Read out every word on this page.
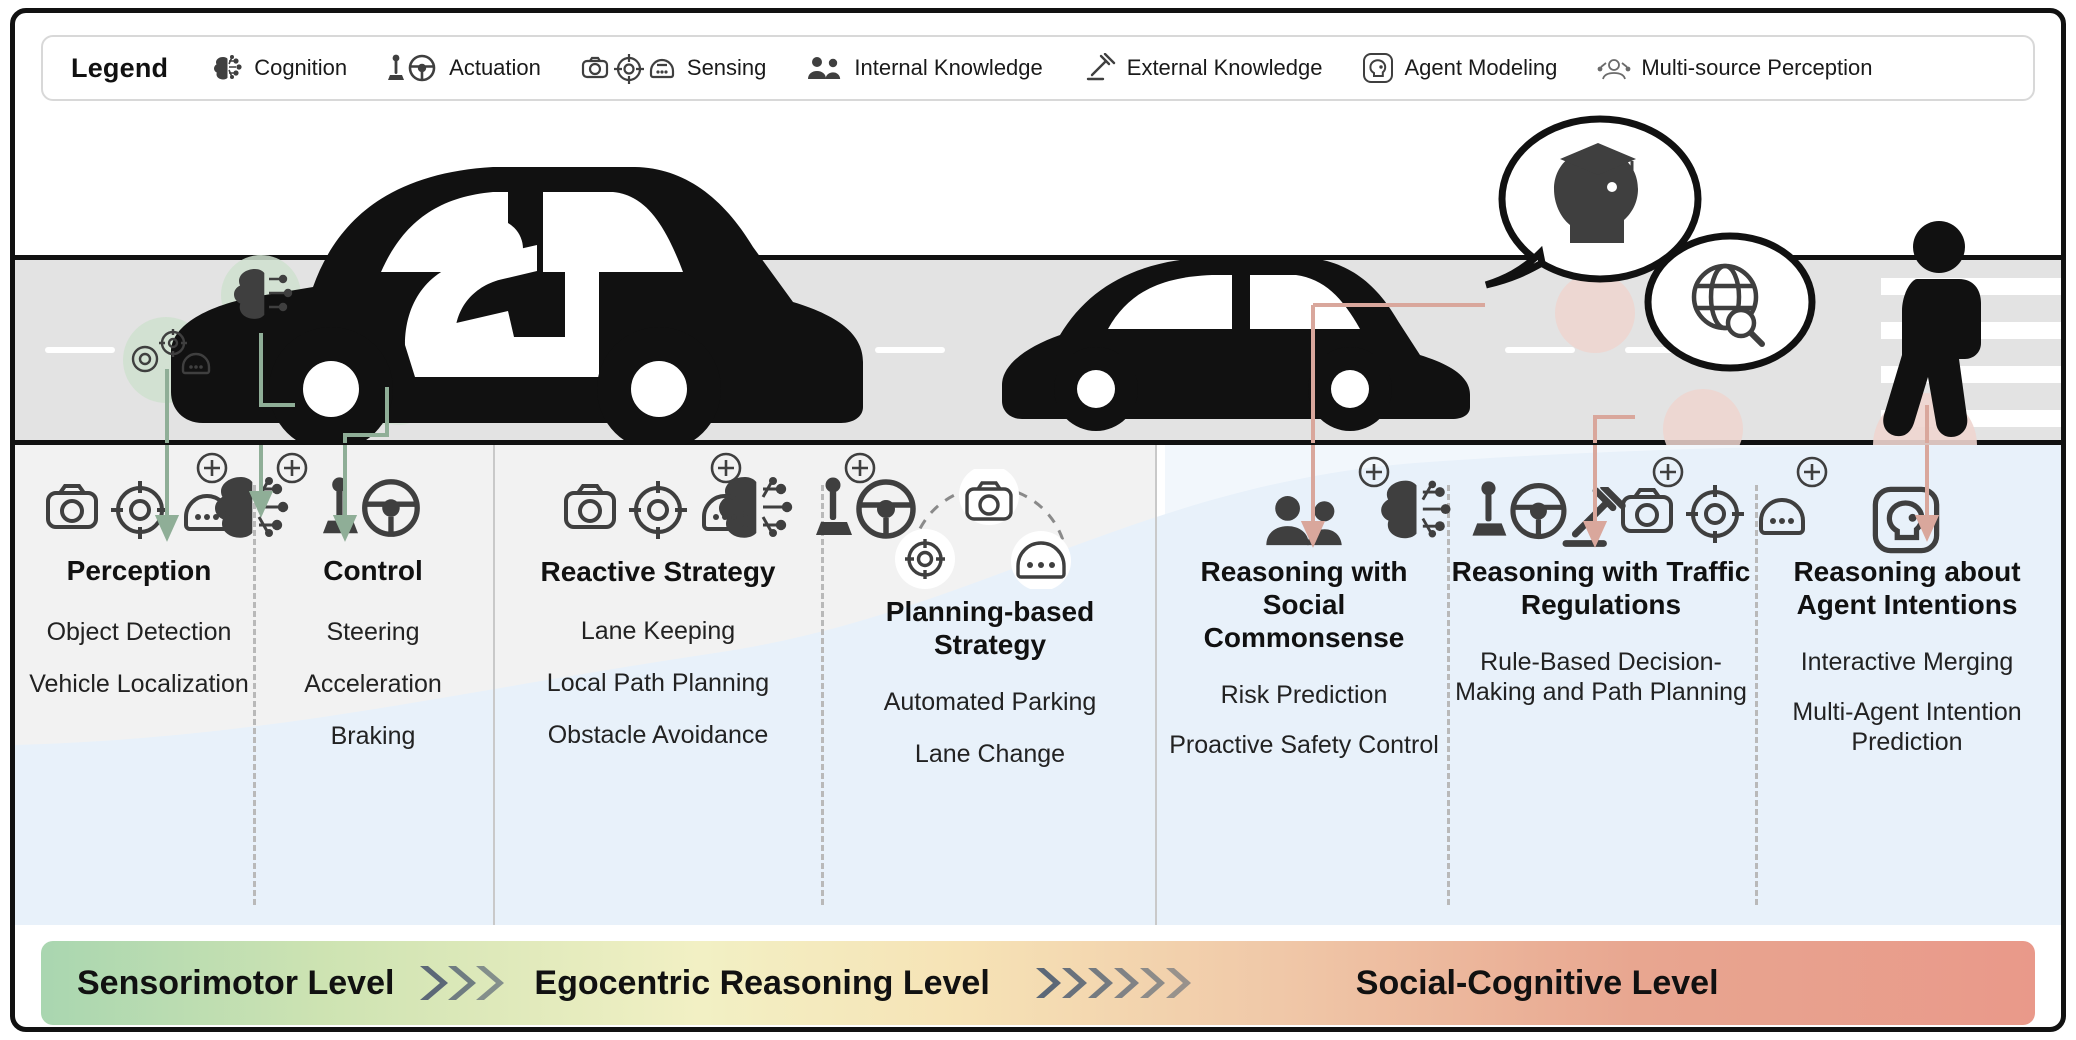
Legend	Cognition	Actuation	Sensing	Internal Knowledge	External Knowledge	Agent Modeling	Multi-source Perception
Perception
Object Detection
Vehicle Localization
Control
Steering
Acceleration
Braking
Reactive Strategy
Lane Keeping
Local Path Planning
Obstacle Avoidance
Planning-based Strategy
Automated Parking
Lane Change
Reasoning with Social Commonsense
Risk Prediction
Proactive Safety Control
Reasoning with Traffic Regulations
Rule-Based Decision-Making and Path Planning
Reasoning about Agent Intentions
Interactive Merging
Multi-Agent Intention Prediction
Sensorimotor Level	Egocentric Reasoning Level	Social-Cognitive Level
